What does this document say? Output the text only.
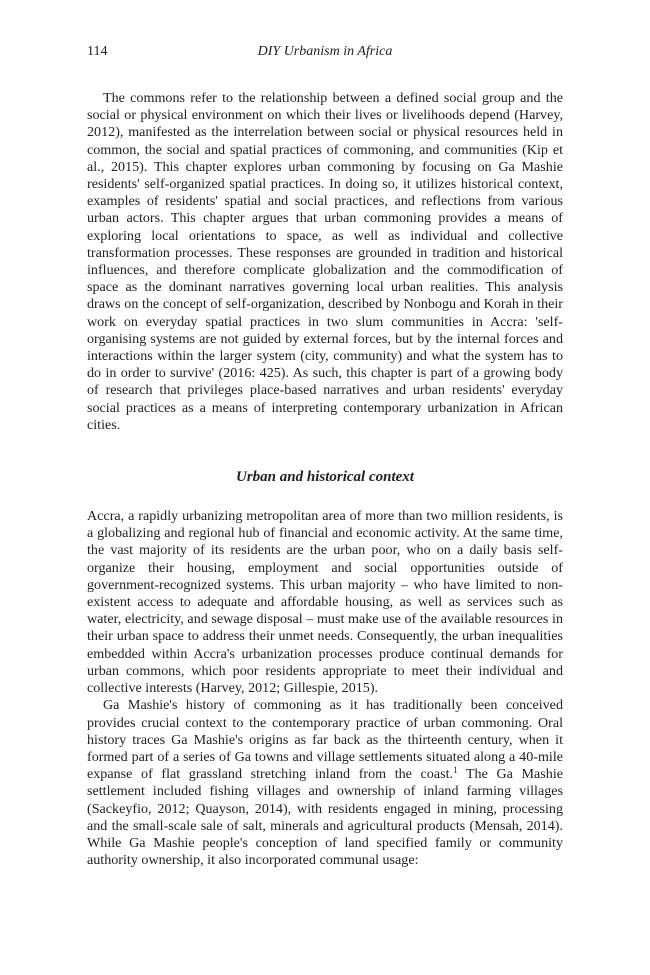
114	DIY Urbanism in Africa

The commons refer to the relationship between a defined social group and the social or physical environment on which their lives or livelihoods depend (Harvey, 2012), manifested as the interrelation between social or physical resources held in common, the social and spatial practices of commoning, and communities (Kip et al., 2015). This chapter explores urban commoning by focusing on Ga Mashie residents' self-organized spatial practices. In doing so, it utilizes historical context, examples of residents' spatial and social practices, and reflections from various urban actors. This chapter argues that urban commoning provides a means of exploring local orientations to space, as well as individual and collective transformation processes. These responses are grounded in tradition and historical influences, and therefore complicate globalization and the commodification of space as the dominant narratives governing local urban realities. This analysis draws on the concept of self-organization, described by Nonbogu and Korah in their work on everyday spatial practices in two slum communities in Accra: 'self-organising systems are not guided by external forces, but by the internal forces and interactions within the larger system (city, community) and what the system has to do in order to survive' (2016: 425). As such, this chapter is part of a growing body of research that privileges place-based narratives and urban residents' everyday social practices as a means of interpreting contemporary urbanization in African cities.

Urban and historical context

Accra, a rapidly urbanizing metropolitan area of more than two million residents, is a globalizing and regional hub of financial and economic activity. At the same time, the vast majority of its residents are the urban poor, who on a daily basis self-organize their housing, employment and social opportunities outside of government-recognized systems. This urban majority – who have limited to non-existent access to adequate and affordable housing, as well as services such as water, electricity, and sewage disposal – must make use of the available resources in their urban space to address their unmet needs. Consequently, the urban inequalities embedded within Accra's urbanization processes produce continual demands for urban commons, which poor residents appropriate to meet their individual and collective interests (Harvey, 2012; Gillespie, 2015).

Ga Mashie's history of commoning as it has traditionally been conceived provides crucial context to the contemporary practice of urban commoning. Oral history traces Ga Mashie's origins as far back as the thirteenth century, when it formed part of a series of Ga towns and village settlements situated along a 40-mile expanse of flat grassland stretching inland from the coast.$^1$ The Ga Mashie settlement included fishing villages and ownership of inland farming villages (Sackeyfio, 2012; Quayson, 2014), with residents engaged in mining, processing and the small-scale sale of salt, minerals and agricultural products (Mensah, 2014). While Ga Mashie people's conception of land specified family or community authority ownership, it also incorporated communal usage:
